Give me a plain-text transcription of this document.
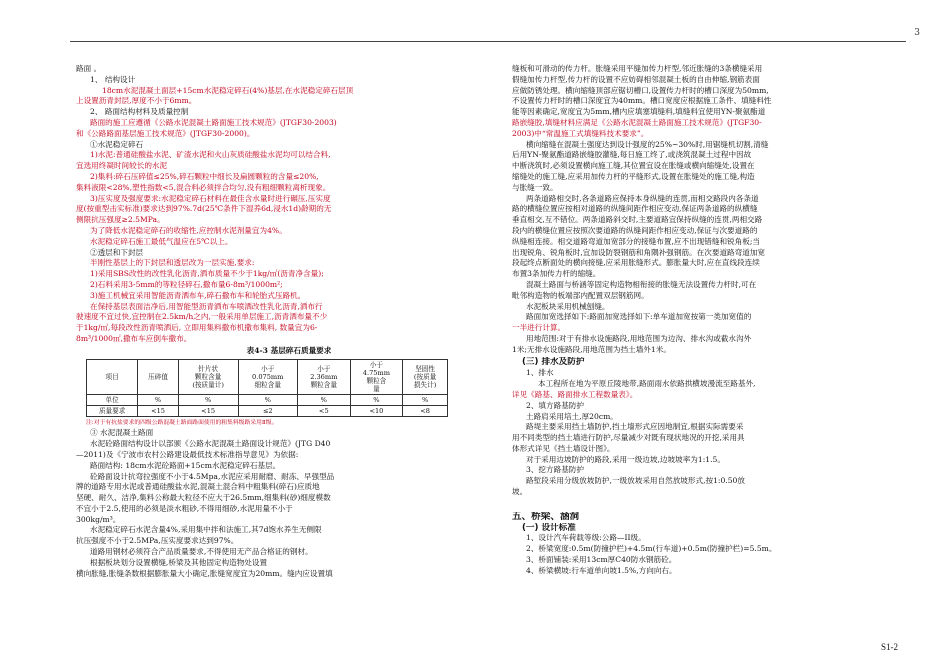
3

路面 。

1、 结构设计

18cm水泥混凝土面层+15cm水泥稳定碎石(4%)基层,在水泥稳定碎石层顶

上设置沥青封层,厚度不小于6mm。

2、 路面结构材料及质量控制

路面的施工应遵循《公路水泥混凝土路面施工技术规范》(JTGF30-2003)

和《公路路面基层施工技术规范》(JTGF30-2000)。

①水泥稳定碎石

1)水泥:普通硅酸盐水泥、矿渣水泥和火山灰质硅酸盐水泥均可以结合料,

宜选用终凝时间较长的水泥

2)集料:碎石压碎值≤25%,碎石颗粒中细长及扁圆颗粒的含量≤20%,

集料液限<28%,塑性指数<5,混合料必须拌合均匀,没有粗细颗粒离析现象。

3)压实度及强度要求:水泥稳定碎石材料在最佳含水量时进行碾压,压实度

度(按重型击实标准)要求达到97%.7d(25℃条件下湿养6d,浸水1d)龄期的无

侧限抗压强度≥2.5MPa。

为了降低水泥稳定碎石的收缩性,应控制水泥剂量宜为4%。

水泥稳定碎石施工最低气温应在5℃以上。

②透层和下封层

半刚性基层上的下封层和透层改为一层实施,要求:

1)采用SBS改性的改性乳化沥青,洒布质量不少于1kg/㎡(沥青净含量);

2)石料采用3-5mm的等粒径碎石,撒布量6-8m³/1000m²;

3)施工机械宜采用智能沥青洒布车,碎石撒布车和轮胎式压路机。

在保持基层表面洁净后,用智能型沥青洒布车喷洒改性乳化沥青,洒布行

驶速度不宜过快,宜控制在2.5km/h之内,一般采用单层施工,沥青洒布量不少

于1kg/㎡,每段改性沥青喷洒后, 立即用集料撒布机撒布集料, 数量宜为6-

8m³/1000㎡,撒布车应倒车撒布。

表4-3 基层碎石质量要求
项目	压碎值	针片状
颗粒含量
(按质量计)	小于
0.075mm
细粒含量	小于
2.36mm
颗粒含量	小于
4.75mm
颗粒含
量	坚固性
(按质量
损失计)
单位	%	%	%	%	%	%
质量要求	<15	<15	≤2	<5	<10	<8
注:对于有抗盐要求的四级公路混凝土路面路面使用的粗集料级路采用Ⅱ级。

③ 水泥混凝土路面

水泥砼路面结构设计以部颁《公路水泥混凝土路面设计规范》(JTG D40

—2011)及《宁波市农村公路建设最低技术标准指导意见》为依据:

路面结构: 18cm水泥砼路面+15cm水泥稳定碎石基层。

砼路面设计抗弯拉强度不小于4.5Mpa,水泥应采用耐磨、耐冻、早强型品

牌的道路专用水泥或普通硅酸盐水泥,混凝土混合料中粗集料(碎石)应质地

坚硬、耐久、洁净,集料公称最大粒径不应大于26.5mm,细集料(砂)细度模数

不宜小于2.5,使用的必须是淡水粗砂,不得用细砂,水泥用量不小于

300kg/m³。

水泥稳定碎石水泥含量4%,采用集中拌和法施工,其7d饱水养生无侧限

抗压强度不小于2.5MPa,压实度要求达到97%。

道路用钢材必须符合产品质量要求,不得使用无产品合格证的钢材。

根据板块划分设置横缝,桥梁及其他固定构造物处设置

横向胀缝,胀缝条数根据膨胀量大小确定,胀缝宽度宜为20mm。缝内应设置填

缝板和可滑动的传力杆。胀缝采用平缝加传力杆型,邻近胀缝的3条横缝采用

假缝加传力杆型,传力杆的设置不应妨碍相邻混凝土板的自由伸缩,钢筋表面

应做防锈处理。横向缩缝顶部应锯切槽口,设置传力杆时的槽口深度为50mm,

不设置传力杆时的槽口深度宜为40mm。槽口宽度应根据施工条件、填缝料性

能等因素确定,宽度宜为5mm,槽内应填塞填缝料,填缝料宜使用YN-聚氨酯道

路嵌缝胶,填缝材料应满足《公路水泥混凝土路面施工技术规范》(JTGF30-

2003)中“常温施工式填缝料技术要求”。

横向缩缝在混凝土强度达到设计强度的25%~30%时,用锯缝机切割,清缝

后用YN-聚氨酯道路嵌缝胶灌缝,每日施工终了,或浇筑混凝土过程中因故

中断浇筑时,必须设置横向施工缝,其位置宜设在胀缝或横向缩缝处,设置在

缩缝处的施工缝,应采用加传力杆的平缝形式,设置在胀缝处的施工缝,构造

与胀缝一致。

两条道路相交时,各条道路应保持本身纵缝的连贯,而相交路段内各条道

路的横缝位置应按相对道路的纵缝间距作相应变动,保证两条道路的纵横缝

垂直相交,互不错位。两条道路斜交时,主要道路宜保持纵缝的连贯,两相交路

段内的横缝位置应按照次要道路的纵缝间距作相应变动,保证与次要道路的

纵缝相连接。相交道路弯道加宽部分的接缝布置,应不出现错缝和锐角板;当

出现锐角、锐角板时,宜加设防裂钢筋和角隅补强钢筋。在次要道路弯道加宽

段起终点断面处的横向接缝,应采用胀缝形式。膨胀量大时,应在直线段连续

布置3条加传力杆的缩缝。

混凝土路面与桥涵等固定构造物相衔接的胀缝无法设置传力杆时,可在

毗邻构造物的板端部内配置双层钢筋网。

水泥板块采用机械刨缝。

路面加宽选择如下:路面加宽选择如下:单车道加宽按第一类加宽值的

一半进行计算。

用地范围:对于有排水设施路段,用地范围为边沟、排水沟或截水沟外

1米;无排水设施路段,用地范围为挡土墙外1米。

(三) 排水及防护

1、排水

本工程所在地为平原丘陵地带,路面雨水依路拱横坡漫流至路基外,

详见《路基、路面排水工程数量表》。

2、填方路基防护

土路肩采用培土,厚20cm。

路堤主要采用挡土墙防护,挡土墙形式应因地制宜,根据实际需要采

用不同类型的挡土墙进行防护,尽量减少对既有现状地况的开挖,采用具

体形式详见《挡土墙设计图》。

对于采用边坡防护的路段,采用一级边坡,边坡坡率为1:1.5。

3、挖方路基防护

路堑段采用分级放坡防护,一级放坡采用自然放坡形式,按1:0.50放

坡。

五、桥梁、涵洞

(一) 设计标准

1、设计汽车荷载等级:公路—II级。

2、桥梁宽度:0.5m(防撞护栏)+4.5m(行车道)+0.5m(防撞护栏)=5.5m。

3、桥面铺装:采用13cm厚C40防水钢筋砼。

4、桥梁横坡:行车道单向坡1.5%,方向向右。

S1-2
